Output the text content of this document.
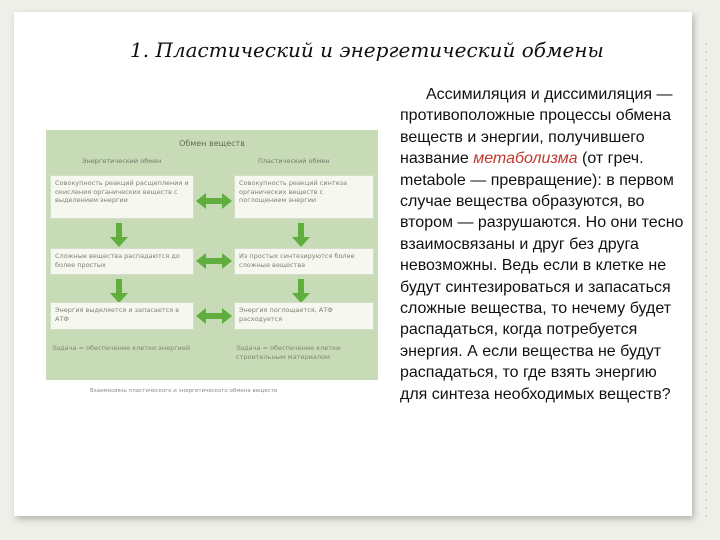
1. Пластический и энергетический обмены
Обмен веществ
Энергетический обмен	Пластический обмен
Совокупность реакций расщепления и окисления органических веществ с выделением энергии
Совокупность реакций синтеза органических веществ с поглощением энергии
Сложные вещества распадаются до более простых
Из простых синтезируются более сложные вещества
Энергия выделяется и запасается в АТФ
Энергия поглощается, АТФ расходуется
Задача = обеспечение клетки энергией	Задача = обеспечение клетки строительным материалом
Взаимосвязь пластического и энергетического обмена веществ

Ассимиляция и диссимиляция — противоположные процессы обмена веществ и энергии, получившего название метаболизма (от греч. metabole — превращение): в первом случае вещества образуются, во втором — разрушаются. Но они тесно взаимосвязаны и друг без друга невозможны. Ведь если в клетке не будут синтезироваться и запасаться сложные вещества, то нечему будет распадаться, когда потребуется энергия. А если вещества не будут распадаться, то где взять энергию для синтеза необходимых веществ?
